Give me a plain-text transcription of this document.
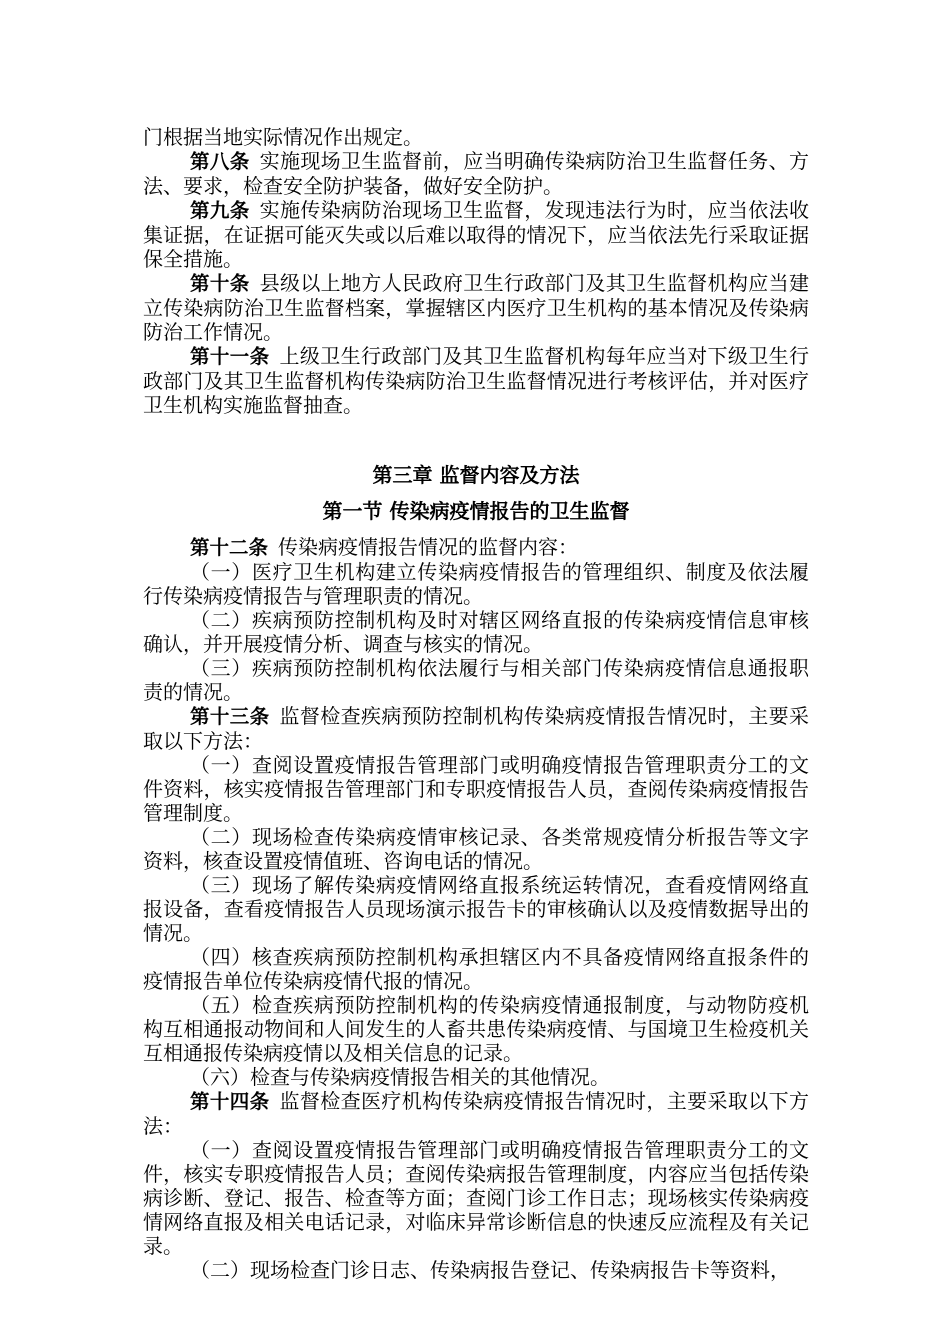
门根据当地实际情况作出规定。

第八条 实施现场卫生监督前，应当明确传染病防治卫生监督任务、方法、要求，检查安全防护装备，做好安全防护。

第九条 实施传染病防治现场卫生监督，发现违法行为时，应当依法收集证据，在证据可能灭失或以后难以取得的情况下，应当依法先行采取证据保全措施。

第十条 县级以上地方人民政府卫生行政部门及其卫生监督机构应当建立传染病防治卫生监督档案，掌握辖区内医疗卫生机构的基本情况及传染病防治工作情况。

第十一条 上级卫生行政部门及其卫生监督机构每年应当对下级卫生行政部门及其卫生监督机构传染病防治卫生监督情况进行考核评估，并对医疗卫生机构实施监督抽查。

第三章 监督内容及方法

第一节 传染病疫情报告的卫生监督

第十二条 传染病疫情报告情况的监督内容：

（一）医疗卫生机构建立传染病疫情报告的管理组织、制度及依法履行传染病疫情报告与管理职责的情况。

（二）疾病预防控制机构及时对辖区网络直报的传染病疫情信息审核确认，并开展疫情分析、调查与核实的情况。

（三）疾病预防控制机构依法履行与相关部门传染病疫情信息通报职责的情况。

第十三条 监督检查疾病预防控制机构传染病疫情报告情况时，主要采取以下方法：

（一）查阅设置疫情报告管理部门或明确疫情报告管理职责分工的文件资料，核实疫情报告管理部门和专职疫情报告人员，查阅传染病疫情报告管理制度。

（二）现场检查传染病疫情审核记录、各类常规疫情分析报告等文字资料，核查设置疫情值班、咨询电话的情况。

（三）现场了解传染病疫情网络直报系统运转情况，查看疫情网络直报设备，查看疫情报告人员现场演示报告卡的审核确认以及疫情数据导出的情况。

（四）核查疾病预防控制机构承担辖区内不具备疫情网络直报条件的疫情报告单位传染病疫情代报的情况。

（五）检查疾病预防控制机构的传染病疫情通报制度，与动物防疫机构互相通报动物间和人间发生的人畜共患传染病疫情、与国境卫生检疫机关互相通报传染病疫情以及相关信息的记录。

（六）检查与传染病疫情报告相关的其他情况。

第十四条 监督检查医疗机构传染病疫情报告情况时，主要采取以下方法：

（一）查阅设置疫情报告管理部门或明确疫情报告管理职责分工的文件，核实专职疫情报告人员；查阅传染病报告管理制度，内容应当包括传染病诊断、登记、报告、检查等方面；查阅门诊工作日志；现场核实传染病疫情网络直报及相关电话记录，对临床异常诊断信息的快速反应流程及有关记录。

（二）现场检查门诊日志、传染病报告登记、传染病报告卡等资料，
